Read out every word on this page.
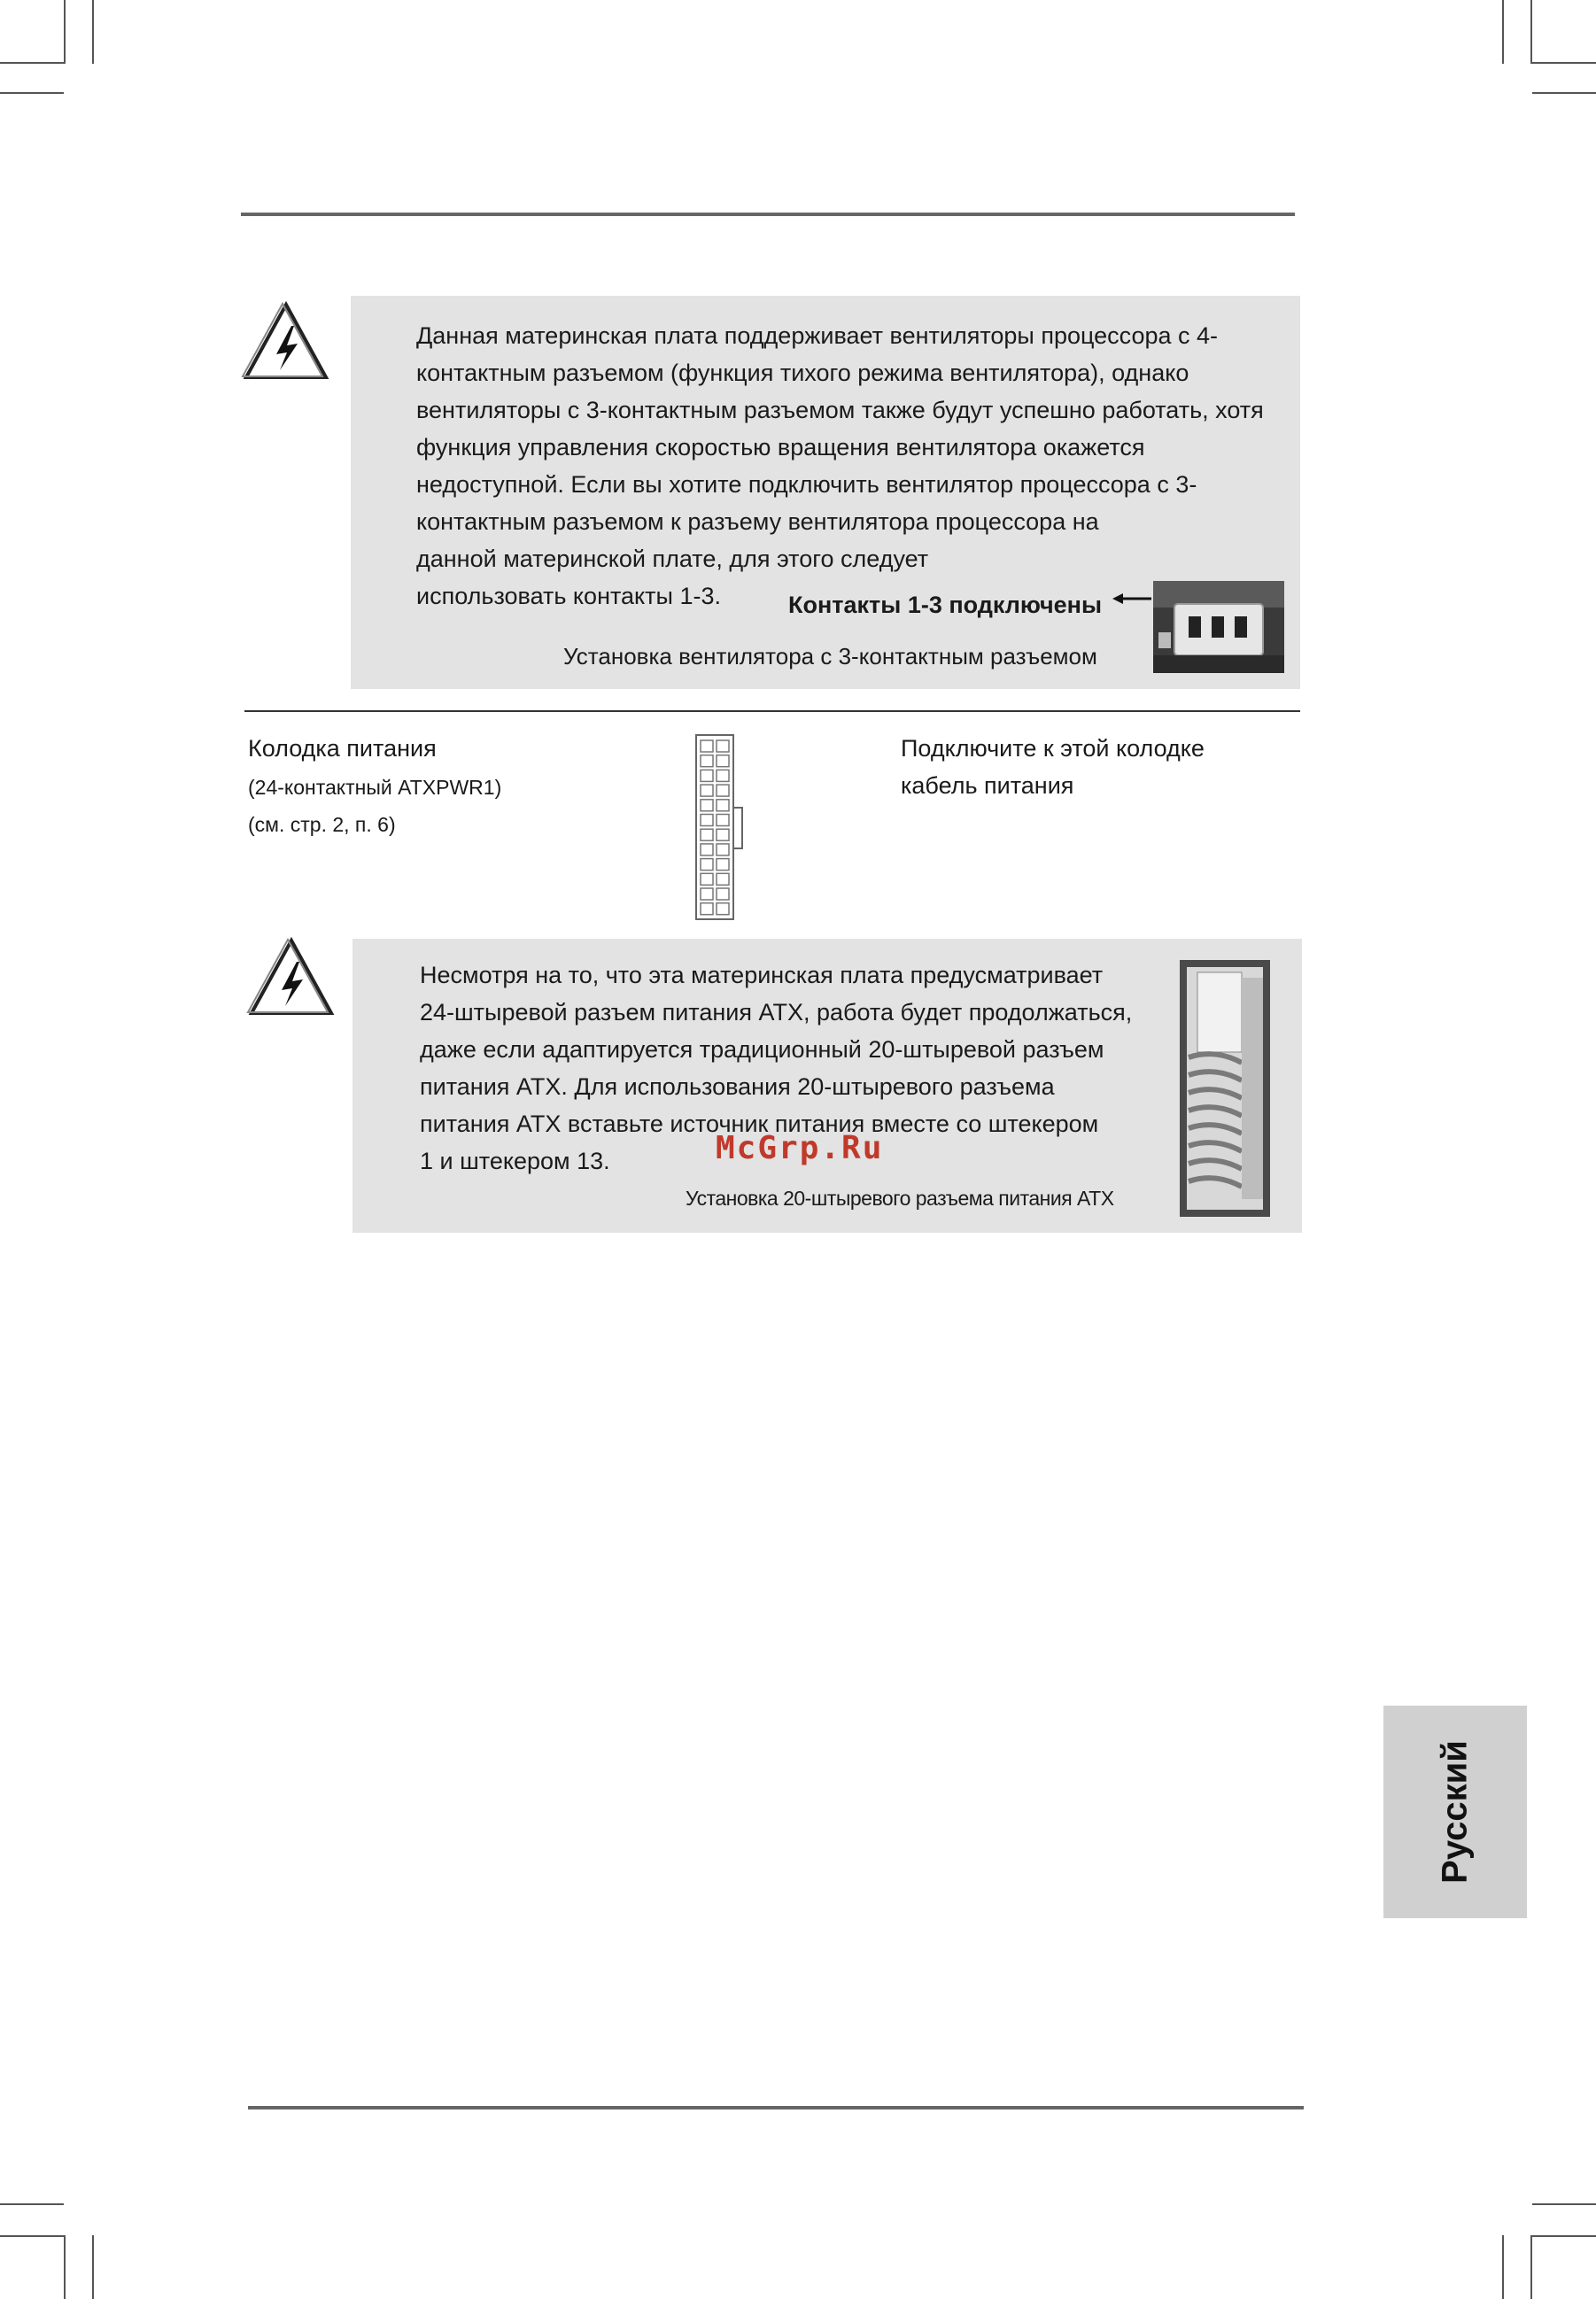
Данная материнская плата поддерживает вентиляторы процессора с 4-
контактным разъемом (функция тихого режима вентилятора), однако
вентиляторы с 3-контактным разъемом также будут успешно работать, хотя
функция управления скоростью вращения вентилятора окажется
недоступной. Если вы хотите подключить вентилятор процессора с 3-
контактным разъемом к разъему вентилятора процессора на
данной материнской плате, для этого следует
использовать контакты 1-3.	Контакты 1-3 подключены
Установка вентилятора с 3-контактным разъемом
Колодка питания
(24-контактный ATXPWR1)
(см. стр. 2, п. 6)
Подключите к этой колодке
кабель питания
Несмотря на то, что эта материнская плата предусматривает
24-штыревой разъем питания ATX, работа будет продолжаться,
даже если адаптируется традиционный 20-штыревой разъем
питания ATX. Для использования 20-штыревого разъема
питания ATX вставьте источник питания вместе со штекером
1 и штекером 13.	McGrp.Ru
Установка 20-штыревого разъема питания ATX
Русский
